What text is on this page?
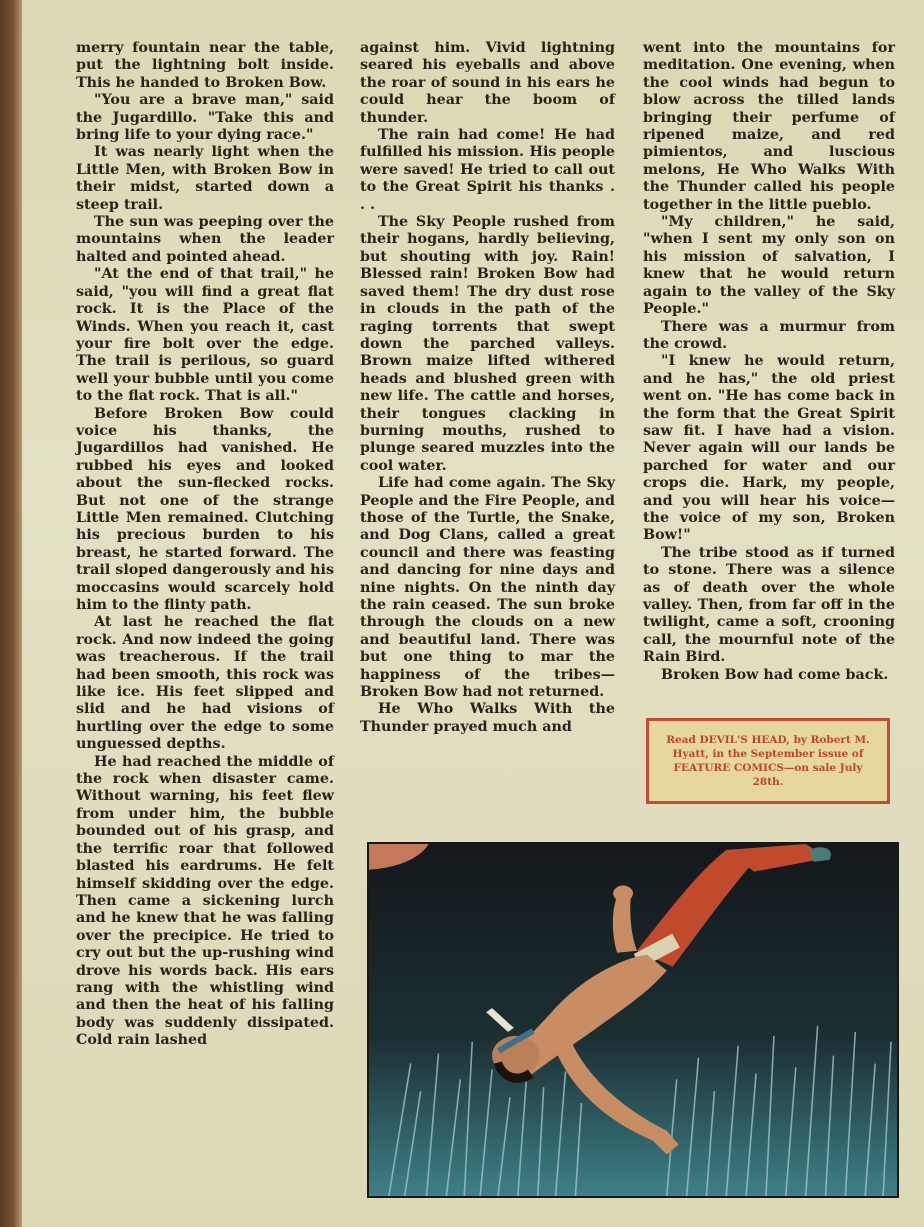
merry fountain near the table, put the lightning bolt inside. This he handed to Broken Bow.

"You are a brave man," said the Jugardillo. "Take this and bring life to your dying race."

It was nearly light when the Little Men, with Broken Bow in their midst, started down a steep trail.

The sun was peeping over the mountains when the leader halted and pointed ahead.

"At the end of that trail," he said, "you will find a great flat rock. It is the Place of the Winds. When you reach it, cast your fire bolt over the edge. The trail is perilous, so guard well your bubble until you come to the flat rock. That is all."

Before Broken Bow could voice his thanks, the Jugardillos had vanished. He rubbed his eyes and looked about the sun-flecked rocks. But not one of the strange Little Men remained. Clutching his precious burden to his breast, he started forward. The trail sloped dangerously and his moccasins would scarcely hold him to the flinty path.

At last he reached the flat rock. And now indeed the going was treacherous. If the trail had been smooth, this rock was like ice. His feet slipped and slid and he had visions of hurtling over the edge to some unguessed depths.

He had reached the middle of the rock when disaster came. Without warning, his feet flew from under him, the bubble bounded out of his grasp, and the terrific roar that followed blasted his eardrums. He felt himself skidding over the edge. Then came a sickening lurch and he knew that he was falling over the precipice. He tried to cry out but the up-rushing wind drove his words back. His ears rang with the whistling wind and then the heat of his falling body was suddenly dissipated. Cold rain lashed

against him. Vivid lightning seared his eyeballs and above the roar of sound in his ears he could hear the boom of thunder.

The rain had come! He had fulfilled his mission. His people were saved! He tried to call out to the Great Spirit his thanks . . .

The Sky People rushed from their hogans, hardly believing, but shouting with joy. Rain! Blessed rain! Broken Bow had saved them! The dry dust rose in clouds in the path of the raging torrents that swept down the parched valleys. Brown maize lifted withered heads and blushed green with new life. The cattle and horses, their tongues clacking in burning mouths, rushed to plunge seared muzzles into the cool water.

Life had come again. The Sky People and the Fire People, and those of the Turtle, the Snake, and Dog Clans, called a great council and there was feasting and dancing for nine days and nine nights. On the ninth day the rain ceased. The sun broke through the clouds on a new and beautiful land. There was but one thing to mar the happiness of the tribes—Broken Bow had not returned.

He Who Walks With the Thunder prayed much and

went into the mountains for meditation. One evening, when the cool winds had begun to blow across the tilled lands bringing their perfume of ripened maize, and red pimientos, and luscious melons, He Who Walks With the Thunder called his people together in the little pueblo.

"My children," he said, "when I sent my only son on his mission of salvation, I knew that he would return again to the valley of the Sky People."

There was a murmur from the crowd.

"I knew he would return, and he has," the old priest went on. "He has come back in the form that the Great Spirit saw fit. I have had a vision. Never again will our lands be parched for water and our crops die. Hark, my people, and you will hear his voice—the voice of my son, Broken Bow!"

The tribe stood as if turned to stone. There was a silence as of death over the whole valley. Then, from far off in the twilight, came a soft, crooning call, the mournful note of the Rain Bird.

Broken Bow had come back.

Read DEVIL'S HEAD, by Robert M. Hyatt, in the September issue of FEATURE COMICS—on sale July 28th.
